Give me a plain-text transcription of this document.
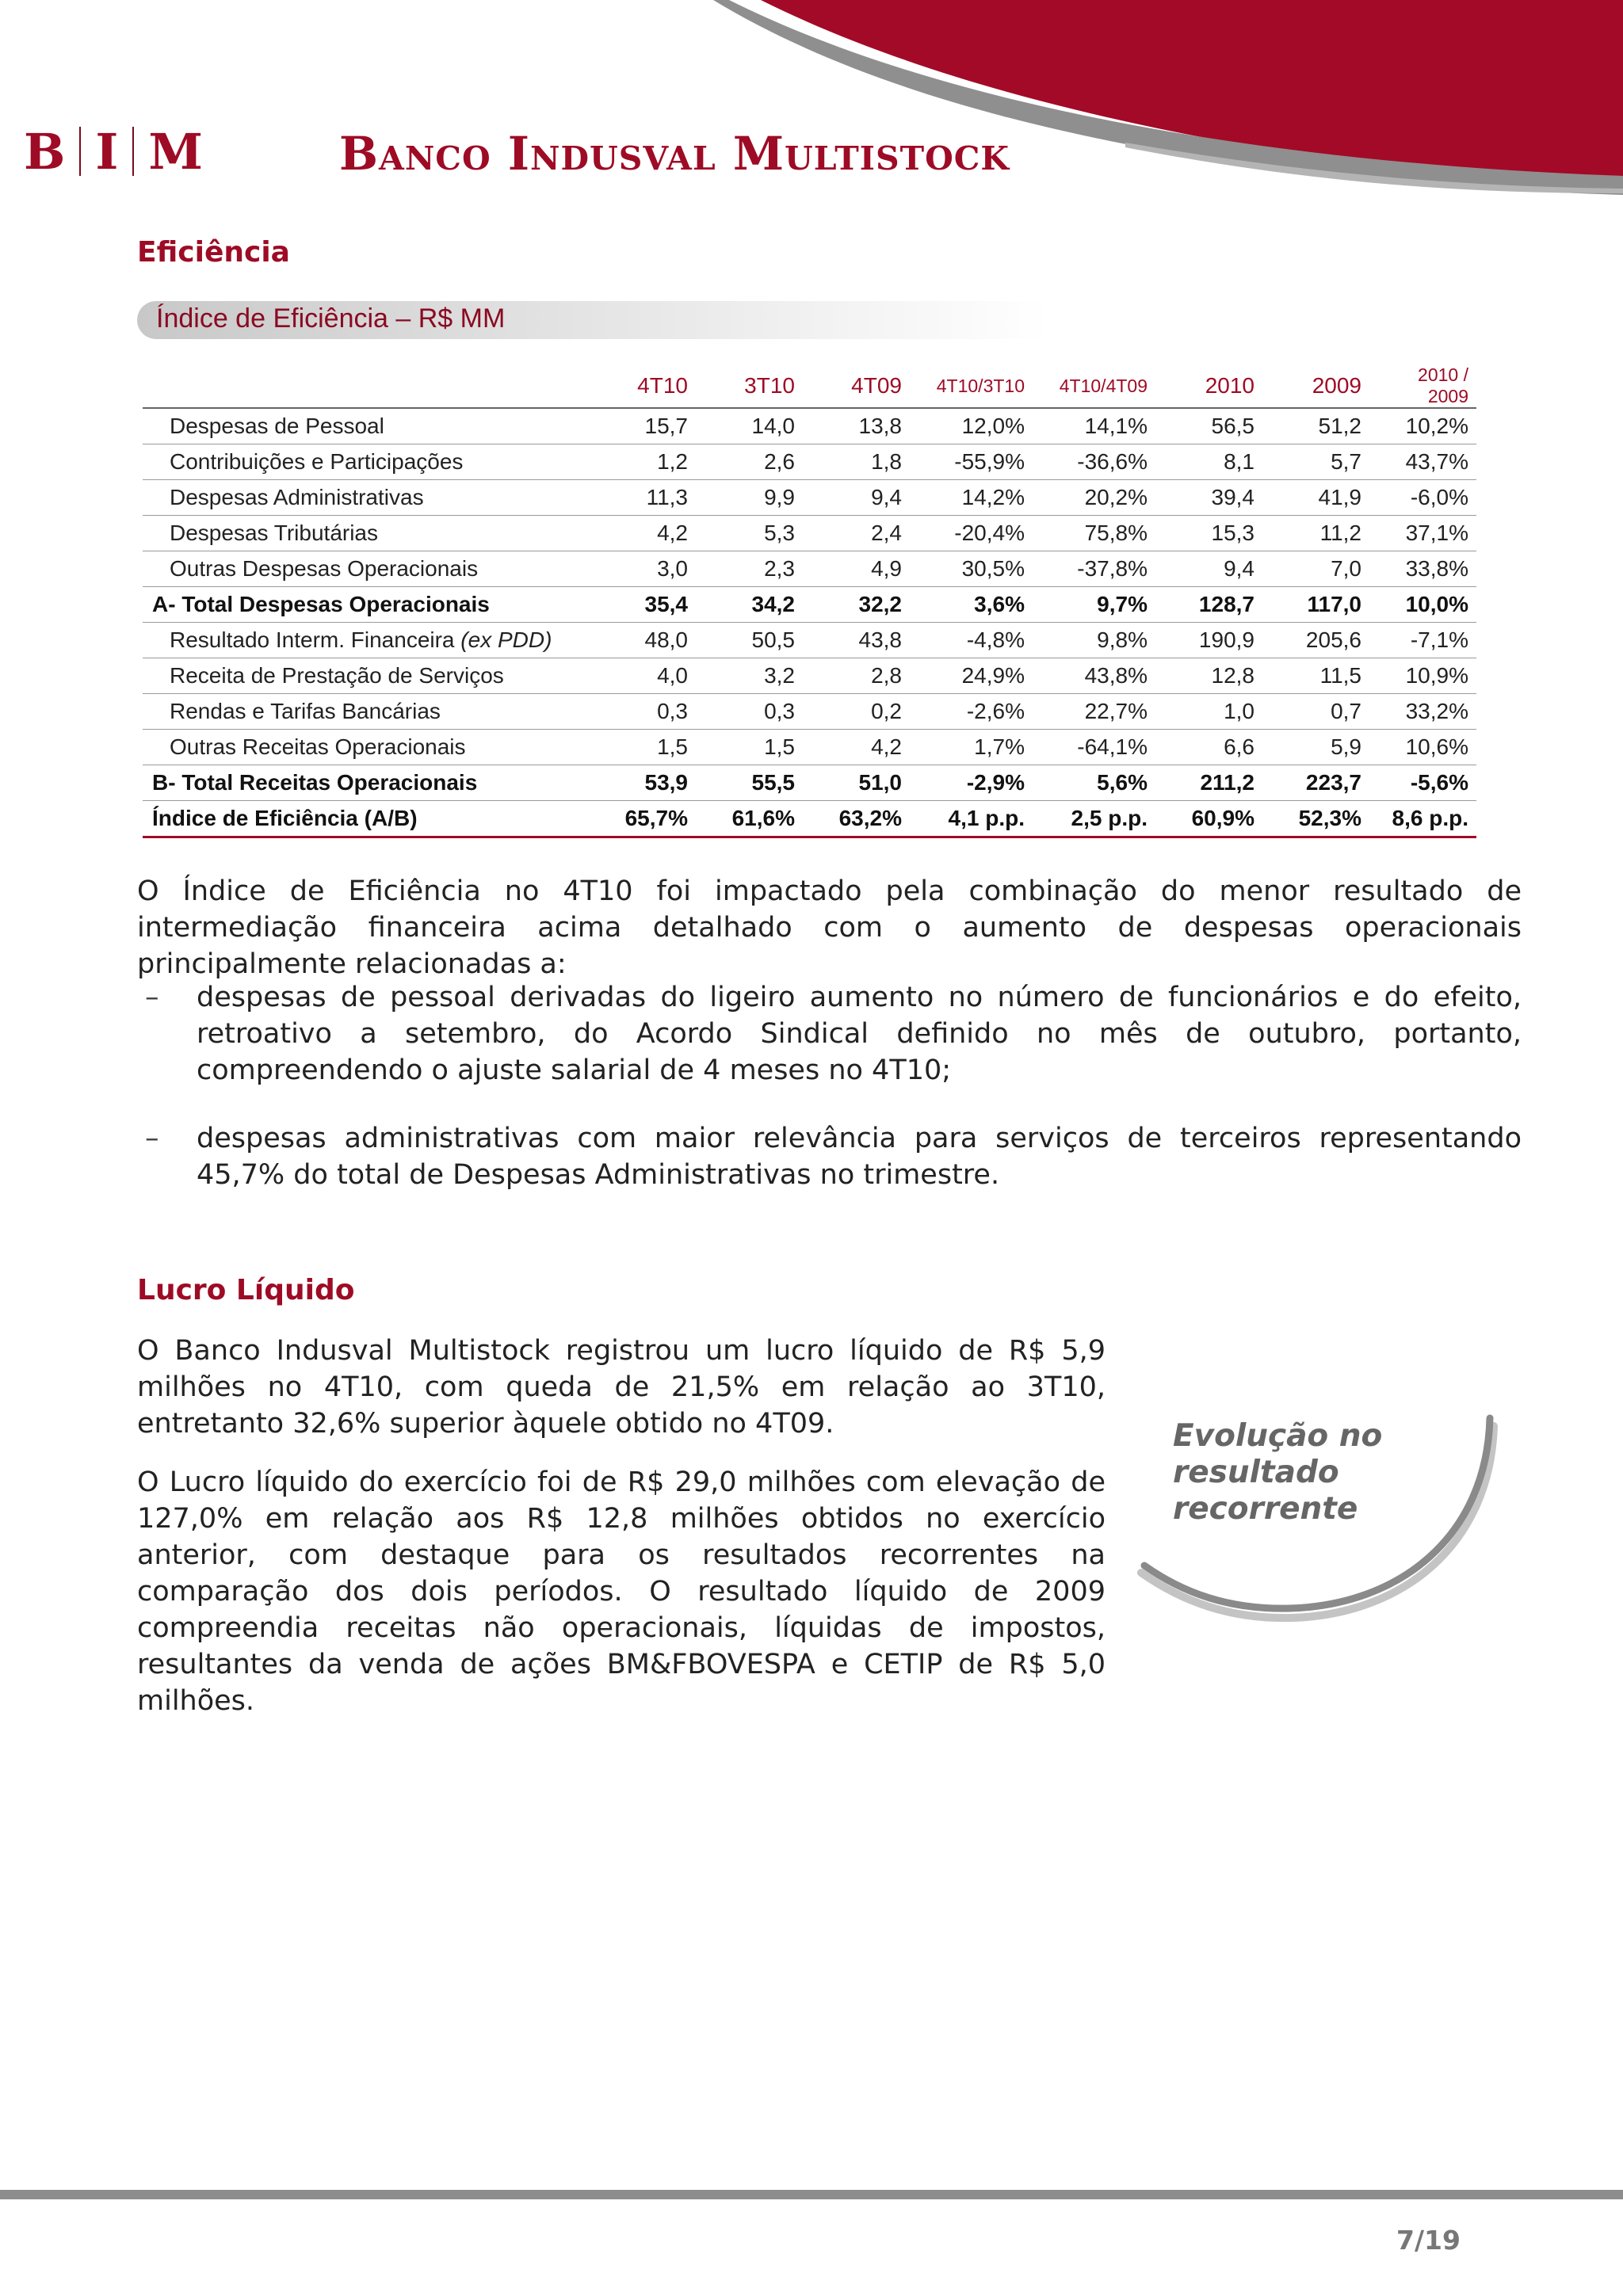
B I M	Banco Indusval Multistock
Eficiência
Índice de Eficiência – R$ MM
	4T10	3T10	4T09	4T10/3T10	4T10/4T09	2010	2009	2010 / 2009
Despesas de Pessoal	15,7	14,0	13,8	12,0%	14,1%	56,5	51,2	10,2%
Contribuições e Participações	1,2	2,6	1,8	-55,9%	-36,6%	8,1	5,7	43,7%
Despesas Administrativas	11,3	9,9	9,4	14,2%	20,2%	39,4	41,9	-6,0%
Despesas Tributárias	4,2	5,3	2,4	-20,4%	75,8%	15,3	11,2	37,1%
Outras Despesas Operacionais	3,0	2,3	4,9	30,5%	-37,8%	9,4	7,0	33,8%
A- Total Despesas Operacionais	35,4	34,2	32,2	3,6%	9,7%	128,7	117,0	10,0%
Resultado Interm. Financeira (ex PDD)	48,0	50,5	43,8	-4,8%	9,8%	190,9	205,6	-7,1%
Receita de Prestação de Serviços	4,0	3,2	2,8	24,9%	43,8%	12,8	11,5	10,9%
Rendas e Tarifas Bancárias	0,3	0,3	0,2	-2,6%	22,7%	1,0	0,7	33,2%
Outras Receitas Operacionais	1,5	1,5	4,2	1,7%	-64,1%	6,6	5,9	10,6%
B- Total Receitas Operacionais	53,9	55,5	51,0	-2,9%	5,6%	211,2	223,7	-5,6%
Índice de Eficiência (A/B)	65,7%	61,6%	63,2%	4,1 p.p.	2,5 p.p.	60,9%	52,3%	8,6 p.p.
O Índice de Eficiência no 4T10 foi impactado pela combinação do menor resultado de intermediação financeira acima detalhado com o aumento de despesas operacionais principalmente relacionadas a:
– despesas de pessoal derivadas do ligeiro aumento no número de funcionários e do efeito, retroativo a setembro, do Acordo Sindical definido no mês de outubro, portanto, compreendendo o ajuste salarial de 4 meses no 4T10;
– despesas administrativas com maior relevância para serviços de terceiros representando 45,7% do total de Despesas Administrativas no trimestre.
Lucro Líquido
O Banco Indusval Multistock registrou um lucro líquido de R$ 5,9 milhões no 4T10, com queda de 21,5% em relação ao 3T10, entretanto 32,6% superior àquele obtido no 4T09.
O Lucro líquido do exercício foi de R$ 29,0 milhões com elevação de 127,0% em relação aos R$ 12,8 milhões obtidos no exercício anterior, com destaque para os resultados recorrentes na comparação dos dois períodos. O resultado líquido de 2009 compreendia receitas não operacionais, líquidas de impostos, resultantes da venda de ações BM&FBOVESPA e CETIP de R$ 5,0 milhões.
Evolução no resultado recorrente
7/19
